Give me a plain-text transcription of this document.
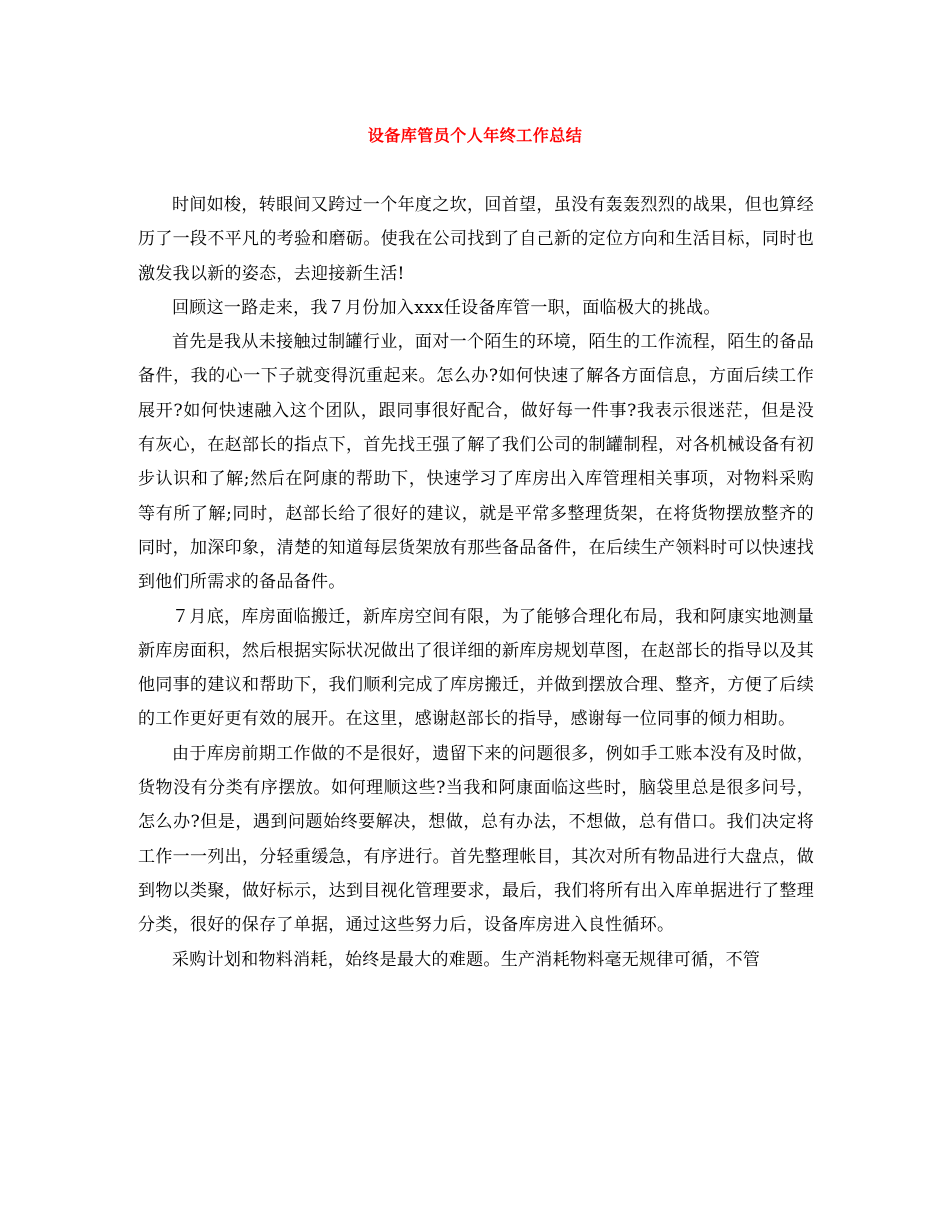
设备库管员个人年终工作总结

时间如梭，转眼间又跨过一个年度之坎，回首望，虽没有轰轰烈烈的战果，但也算经历了一段不平凡的考验和磨砺。使我在公司找到了自己新的定位方向和生活目标，同时也激发我以新的姿态，去迎接新生活!

回顾这一路走来，我７月份加入xxx任设备库管一职，面临极大的挑战。

首先是我从未接触过制罐行业，面对一个陌生的环境，陌生的工作流程，陌生的备品备件，我的心一下子就变得沉重起来。怎么办?如何快速了解各方面信息，方面后续工作展开?如何快速融入这个团队，跟同事很好配合，做好每一件事?我表示很迷茫，但是没有灰心，在赵部长的指点下，首先找王强了解了我们公司的制罐制程，对各机械设备有初步认识和了解;然后在阿康的帮助下，快速学习了库房出入库管理相关事项，对物料采购等有所了解;同时，赵部长给了很好的建议，就是平常多整理货架，在将货物摆放整齐的同时，加深印象，清楚的知道每层货架放有那些备品备件，在后续生产领料时可以快速找到他们所需求的备品备件。

７月底，库房面临搬迁，新库房空间有限，为了能够合理化布局，我和阿康实地测量新库房面积，然后根据实际状况做出了很详细的新库房规划草图，在赵部长的指导以及其他同事的建议和帮助下，我们顺利完成了库房搬迁，并做到摆放合理、整齐，方便了后续的工作更好更有效的展开。在这里，感谢赵部长的指导，感谢每一位同事的倾力相助。

由于库房前期工作做的不是很好，遗留下来的问题很多，例如手工账本没有及时做，货物没有分类有序摆放。如何理顺这些?当我和阿康面临这些时，脑袋里总是很多问号，怎么办?但是，遇到问题始终要解决，想做，总有办法，不想做，总有借口。我们决定将工作一一列出，分轻重缓急，有序进行。首先整理帐目，其次对所有物品进行大盘点，做到物以类聚，做好标示，达到目视化管理要求，最后，我们将所有出入库单据进行了整理分类，很好的保存了单据，通过这些努力后，设备库房进入良性循环。

采购计划和物料消耗，始终是最大的难题。生产消耗物料毫无规律可循，不管
